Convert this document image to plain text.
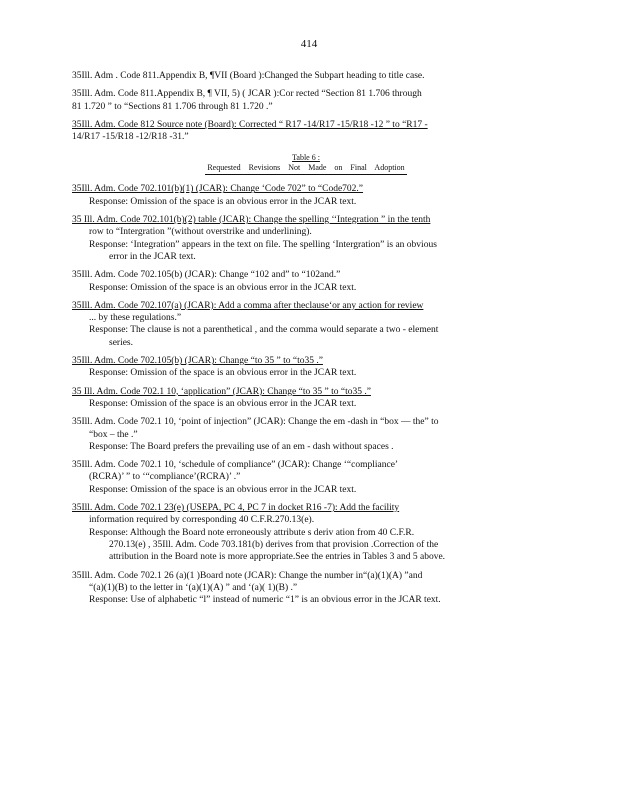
414
35Ill. Adm . Code 811.Appendix B, ¶VII (Board ):Changed the Subpart heading to title case.
35Ill. Adm. Code 811.Appendix B, ¶ VII, 5) ( JCAR ):Cor rected “Section 81 1.706 through
81 1.720 ” to “Sections 81 1.706 through 81 1.720 .”
35Ill. Adm. Code 812 Source note (Board): Corrected “ R17 -14/R17 -15/R18 -12 ” to “R17 -
14/R17 -15/R18 -12/R18 -31.”
Table 6 :
Requested Revisions Not Made on Final Adoption
35Ill. Adm. Code 702.101(b)(1) (JCAR): Change ‘Code 702” to “Code702.”
Response: Omission of the space is an obvious error in the JCAR text.
35 Ill. Adm. Code 702.101(b)(2) table (JCAR): Change the spelling ‘‘Integration ” in the tenth
row to “Intergration ”(without overstrike and underlining).
Response: ‘Integration” appears in the text on file. The spelling ‘Intergration” is an obvious
error in the JCAR text.
35Ill. Adm. Code 702.105(b) (JCAR): Change “102 and” to “102and.”
Response: Omission of the space is an obvious error in the JCAR text.
35Ill. Adm. Code 702.107(a) (JCAR): Add a comma after theclause‘or any action for review
... by these regulations.”
Response: The clause is not a parenthetical , and the comma would separate a two - element
series.
35Ill. Adm. Code 702.105(b) (JCAR): Change “to 35 ” to “to35 .”
Response: Omission of the space is an obvious error in the JCAR text.
35 Ill. Adm. Code 702.1 10, ‘application” (JCAR): Change “to 35 ” to “to35 .”
Response: Omission of the space is an obvious error in the JCAR text.
35Ill. Adm. Code 702.1 10, ‘point of injection” (JCAR): Change the em -dash in “box — the” to
“box – the .”
Response: The Board prefers the prevailing use of an em - dash without spaces .
35Ill. Adm. Code 702.1 10, ‘schedule of compliance” (JCAR): Change ‘“compliance’
(RCRA)’ ” to ‘“compliance’(RCRA)’ .”
Response: Omission of the space is an obvious error in the JCAR text.
35Ill. Adm. Code 702.1 23(e) (USEPA, PC 4, PC 7 in docket R16 -7): Add the facility
information required by corresponding 40 C.F.R.270.13(e).
Response: Although the Board note erroneously attribute s deriv ation from 40 C.F.R.
270.13(e) , 35Ill. Adm. Code 703.181(b) derives from that provision .Correction of the
attribution in the Board note is more appropriate.See the entries in Tables 3 and 5 above.
35Ill. Adm. Code 702.1 26 (a)(1 )Board note (JCAR): Change the number in“(a)(1)(A) ”and
“(a)(1)(B) to the letter in ‘(a)(1)(A) ” and ‘(a)( 1)(B) .”
Response: Use of alphabetic “l” instead of numeric “1” is an obvious error in the JCAR text.
